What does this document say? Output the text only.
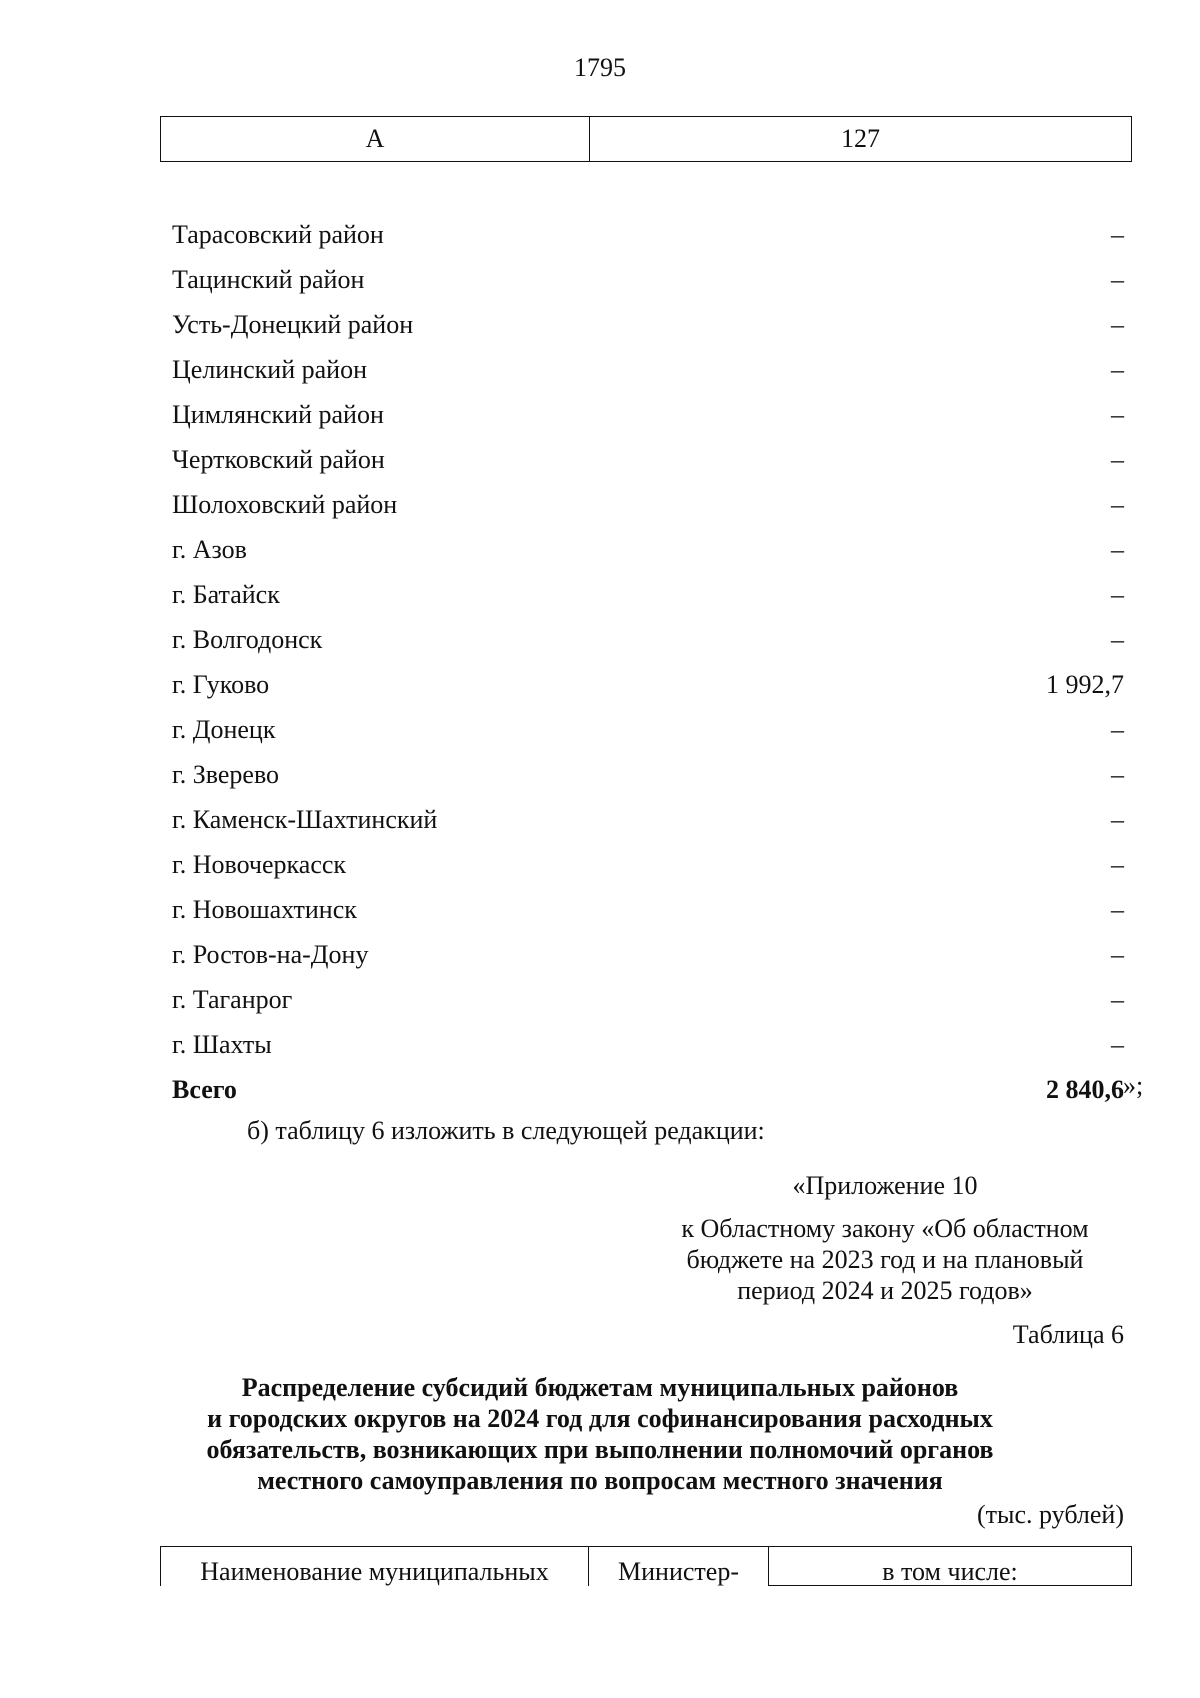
1795
А	127
Тарасовский район	–
Тацинский район	–
Усть-Донецкий район	–
Целинский район	–
Цимлянский район	–
Чертковский район	–
Шолоховский район	–
г. Азов	–
г. Батайск	–
г. Волгодонск	–
г. Гуково	1 992,7
г. Донецк	–
г. Зверево	–
г. Каменск-Шахтинский	–
г. Новочеркасск	–
г. Новошахтинск	–
г. Ростов-на-Дону	–
г. Таганрог	–
г. Шахты	–
Всего	2 840,6 »;
б) таблицу 6 изложить в следующей редакции:
«Приложение 10
к Областному закону «Об областном
бюджете на 2023 год и на плановый
период 2024 и 2025 годов»
Таблица 6
Распределение субсидий бюджетам муниципальных районов
и городских округов на 2024 год для софинансирования расходных
обязательств, возникающих при выполнении полномочий органов
местного самоуправления по вопросам местного значения
(тыс. рублей)
Наименование муниципальных	Министер-	в том числе:
